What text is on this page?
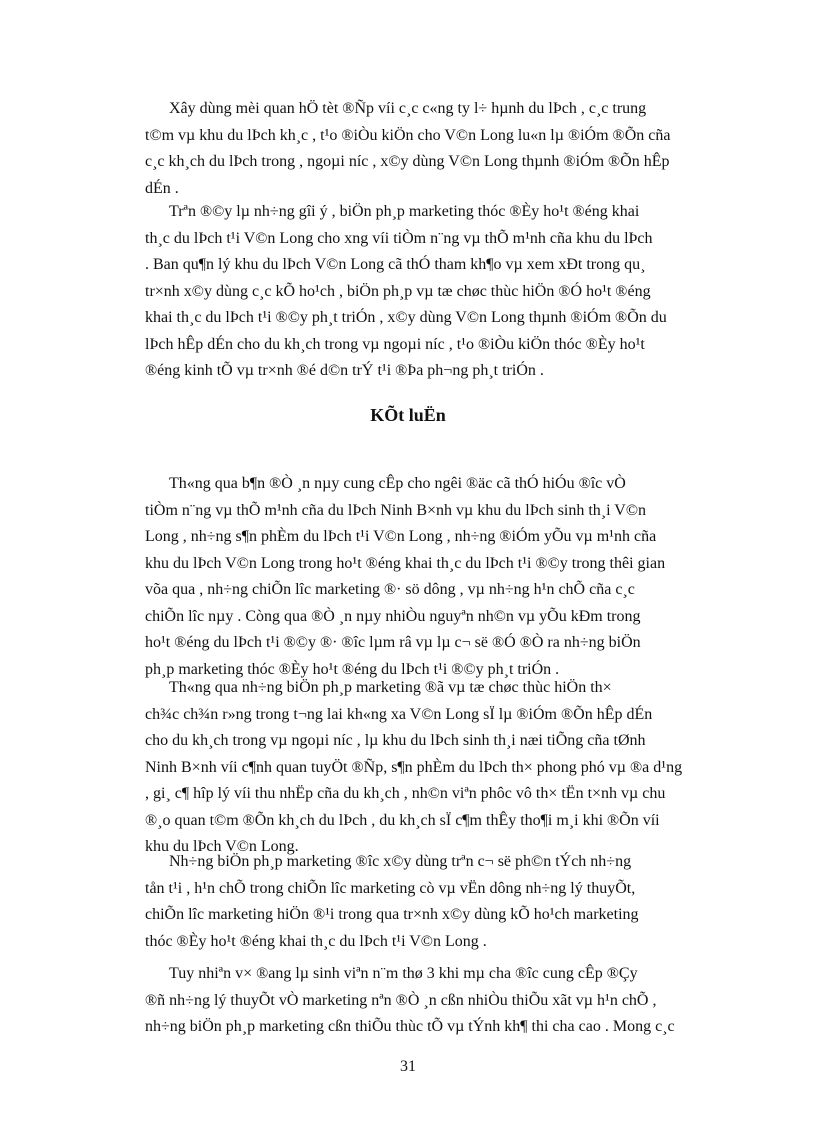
Xây dùng mèi quan hÖ tèt ®Ñp víi c¸c c«ng ty l÷ hµnh du lÞch , c¸c trung
t©m vµ khu du lÞch kh¸c , t¹o ®iÒu kiÖn cho V©n Long lu«n lµ ®iÓm ®Õn cña
c¸c kh¸ch du lÞch trong , ngoµi níc , x©y dùng V©n Long thµnh ®iÓm ®Õn hÊp
dÉn .
Trªn ®©y lµ nh÷ng gîi ý , biÖn ph¸p marketing thóc ®Èy ho¹t ®éng khai
th¸c du lÞch t¹i V©n Long cho xng víi tiÒm n¨ng vµ thÕ m¹nh cña khu du lÞch
. Ban qu¶n lý khu du lÞch V©n Long cã thÓ tham kh¶o vµ xem xÐt trong qu¸
tr×nh x©y dùng c¸c kÕ ho¹ch , biÖn ph¸p vµ tæ chøc thùc hiÖn ®Ó ho¹t ®éng
khai th¸c du lÞch t¹i ®©y ph¸t triÓn , x©y dùng V©n Long thµnh ®iÓm ®Õn du
lÞch hÊp dÉn cho du kh¸ch trong vµ ngoµi níc , t¹o ®iÒu kiÖn thóc ®Èy ho¹t
®éng kinh tÕ vµ tr×nh ®é d©n trÝ t¹i ®Þa ph¬ng ph¸t triÓn .
KÕt luËn
Th«ng qua b¶n ®Ò ¸n nµy cung cÊp cho ngêi ®äc cã thÓ hiÓu ®îc vÒ
tiÒm n¨ng vµ thÕ m¹nh cña du lÞch Ninh B×nh vµ khu du lÞch sinh th¸i V©n
Long , nh÷ng s¶n phÈm du lÞch t¹i V©n Long , nh÷ng ®iÓm yÕu vµ m¹nh cña
khu du lÞch V©n Long trong ho¹t ®éng khai th¸c du lÞch t¹i ®©y trong thêi gian
võa qua , nh÷ng chiÕn lîc marketing ®· sö dông , vµ nh÷ng h¹n chÕ cña c¸c
chiÕn lîc nµy . Còng qua ®Ò ¸n nµy nhiÒu nguyªn nh©n vµ yÕu kÐm trong
ho¹t ®éng du lÞch t¹i ®©y ®· ®îc lµm râ vµ lµ c¬ së ®Ó ®Ò ra nh÷ng biÖn
ph¸p marketing thóc ®Èy ho¹t ®éng du lÞch t¹i ®©y ph¸t triÓn .
Th«ng qua nh÷ng biÖn ph¸p marketing ®ã vµ tæ chøc thùc hiÖn th×
ch¾c ch¾n r»ng trong t¬ng lai kh«ng xa V©n Long sÏ lµ ®iÓm ®Õn hÊp dÉn
cho du kh¸ch trong vµ ngoµi níc , lµ khu du lÞch sinh th¸i næi tiÕng cña tØnh
Ninh B×nh víi c¶nh quan tuyÖt ®Ñp, s¶n phÈm du lÞch th× phong phó vµ ®a d¹ng
, gi¸ c¶ hîp lý víi thu nhËp cña du kh¸ch , nh©n viªn phôc vô th× tËn t×nh vµ chu
®¸o quan t©m ®Õn kh¸ch du lÞch , du kh¸ch sÏ c¶m thÊy tho¶i m¸i khi ®Õn víi
khu du lÞch V©n Long.
Nh÷ng biÖn ph¸p marketing ®îc x©y dùng trªn c¬ së ph©n tÝch nh÷ng
tån t¹i , h¹n chÕ trong chiÕn lîc marketing cò vµ vËn dông nh÷ng lý thuyÕt,
chiÕn lîc marketing hiÖn ®¹i trong qua tr×nh x©y dùng kÕ ho¹ch marketing
thóc ®Èy ho¹t ®éng khai th¸c du lÞch t¹i V©n Long .
Tuy nhiªn v× ®ang lµ sinh viªn n¨m thø 3 khi mµ cha ®îc cung cÊp ®Çy
®ñ nh÷ng lý thuyÕt vÒ marketing nªn ®Ò ¸n cßn nhiÒu thiÕu xãt vµ h¹n chÕ ,
nh÷ng biÖn ph¸p marketing cßn thiÕu thùc tÕ vµ tÝnh kh¶ thi cha cao . Mong c¸c
31
